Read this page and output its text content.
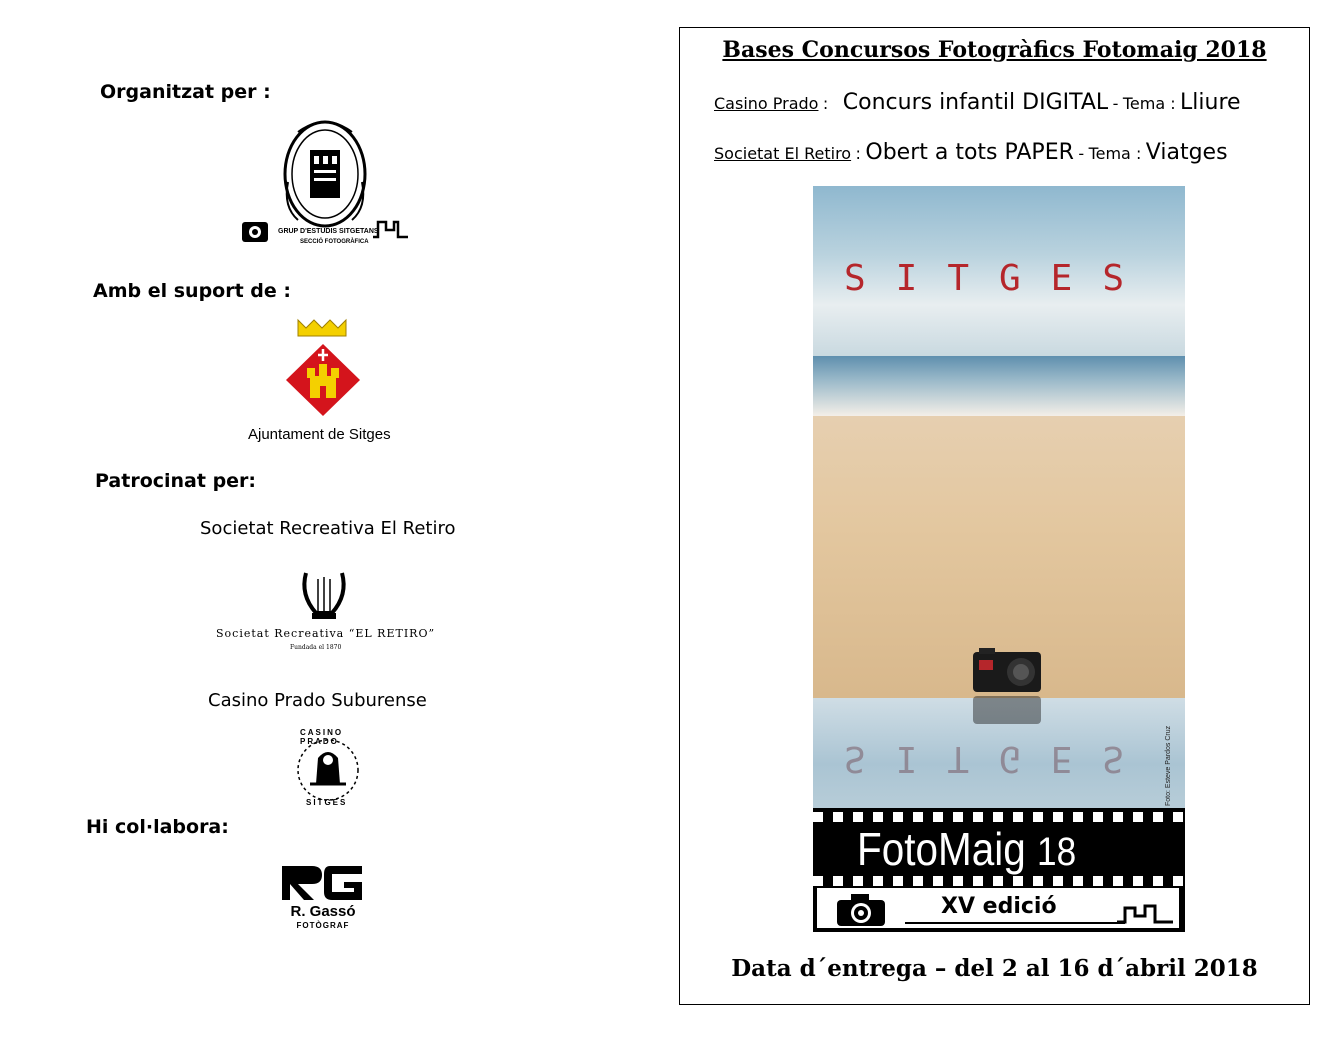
Organitzat per :
GRUP D'ESTUDIS SITGETANS
SECCIÓ FOTOGRÀFICA
Amb el suport de :
Ajuntament de Sitges
Patrocinat per:
Societat Recreativa El Retiro
Societat Recreativa “EL RETIRO”
Fundada el 1870
Casino Prado Suburense
CASINO PRADO
SITGES
Hi col·labora:
R. Gassó
FOTÒGRAF
Bases Concursos Fotogràfics Fotomaig 2018
Casino Prado : Concurs infantil DIGITAL - Tema : Lliure
Societat El Retiro : Obert a tots PAPER - Tema : Viatges
SITGES
SITGES	Foto: Esteve Pardos Cruz
FotoMaig 18
XV edició
Data d´entrega – del 2 al 16 d´abril 2018
